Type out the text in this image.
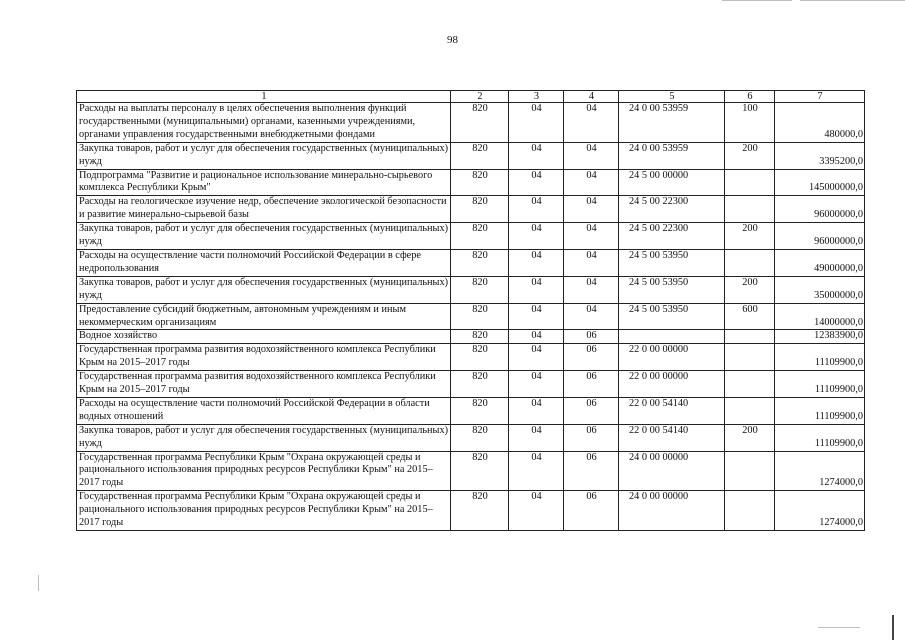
98
1	2	3	4	5	6	7
Расходы на выплаты персоналу в целях обеспечения выполнения функций государственными (муниципальными) органами, казенными учреждениями, органами управления государственными внебюджетными фондами	820	04	04	24 0 00 53959	100	480000,0
Закупка товаров, работ и услуг для обеспечения государственных (муниципальных) нужд	820	04	04	24 0 00 53959	200	3395200,0
Подпрограмма "Развитие и рациональное использование минерально-сырьевого комплекса Республики Крым"	820	04	04	24 5 00 00000		145000000,0
Расходы на геологическое изучение недр, обеспечение экологической безопасности и развитие минерально-сырьевой базы	820	04	04	24 5 00 22300		96000000,0
Закупка товаров, работ и услуг для обеспечения государственных (муниципальных) нужд	820	04	04	24 5 00 22300	200	96000000,0
Расходы на осуществление части полномочий Российской Федерации в сфере недропользования	820	04	04	24 5 00 53950		49000000,0
Закупка товаров, работ и услуг для обеспечения государственных (муниципальных) нужд	820	04	04	24 5 00 53950	200	35000000,0
Предоставление субсидий бюджетным, автономным учреждениям и иным некоммерческим организациям	820	04	04	24 5 00 53950	600	14000000,0
Водное хозяйство	820	04	06			12383900,0
Государственная программа развития водохозяйственного комплекса Республики Крым на 2015–2017 годы	820	04	06	22 0 00 00000		11109900,0
Государственная программа развития водохозяйственного комплекса Республики Крым на 2015–2017 годы	820	04	06	22 0 00 00000		11109900,0
Расходы на осуществление части полномочий Российской Федерации в области водных отношений	820	04	06	22 0 00 54140		11109900,0
Закупка товаров, работ и услуг для обеспечения государственных (муниципальных) нужд	820	04	06	22 0 00 54140	200	11109900,0
Государственная программа Республики Крым "Охрана окружающей среды и рационального использования природных ресурсов Республики Крым" на 2015–2017 годы	820	04	06	24 0 00 00000		1274000,0
Государственная программа Республики Крым "Охрана окружающей среды и рационального использования природных ресурсов Республики Крым" на 2015–2017 годы	820	04	06	24 0 00 00000		1274000,0
